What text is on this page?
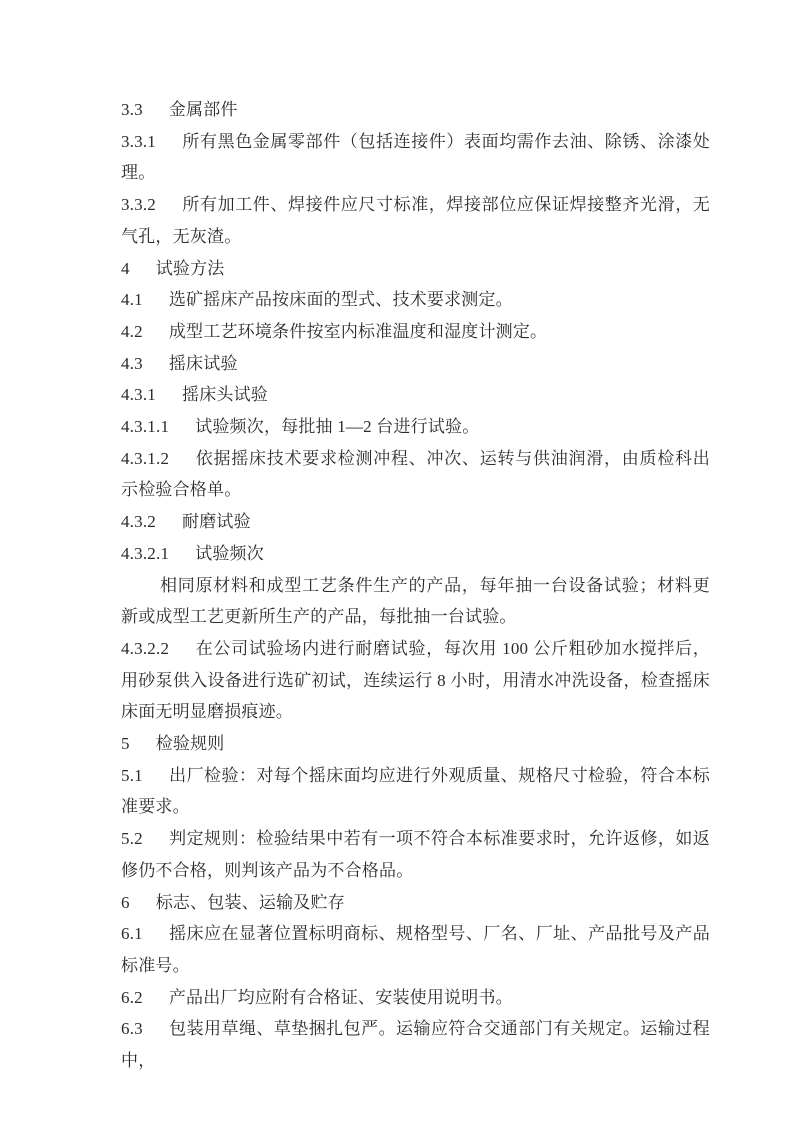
3.3 金属部件

3.3.1 所有黑色金属零部件（包括连接件）表面均需作去油、除锈、涂漆处理。

3.3.2 所有加工件、焊接件应尺寸标准，焊接部位应保证焊接整齐光滑，无气孔，无灰渣。

4 试验方法

4.1 选矿摇床产品按床面的型式、技术要求测定。

4.2 成型工艺环境条件按室内标准温度和湿度计测定。

4.3 摇床试验

4.3.1 摇床头试验

4.3.1.1 试验频次，每批抽 1—2 台进行试验。

4.3.1.2 依据摇床技术要求检测冲程、冲次、运转与供油润滑，由质检科出示检验合格单。

4.3.2 耐磨试验

4.3.2.1 试验频次

相同原材料和成型工艺条件生产的产品，每年抽一台设备试验；材料更新或成型工艺更新所生产的产品，每批抽一台试验。

4.3.2.2 在公司试验场内进行耐磨试验，每次用 100 公斤粗砂加水搅拌后，用砂泵供入设备进行选矿初试，连续运行 8 小时，用清水冲洗设备，检查摇床床面无明显磨损痕迹。

5 检验规则

5.1 出厂检验：对每个摇床面均应进行外观质量、规格尺寸检验，符合本标准要求。

5.2 判定规则：检验结果中若有一项不符合本标准要求时，允许返修，如返修仍不合格，则判该产品为不合格品。

6 标志、包装、运输及贮存

6.1 摇床应在显著位置标明商标、规格型号、厂名、厂址、产品批号及产品标准号。

6.2 产品出厂均应附有合格证、安装使用说明书。

6.3 包装用草绳、草垫捆扎包严。运输应符合交通部门有关规定。运输过程中，
